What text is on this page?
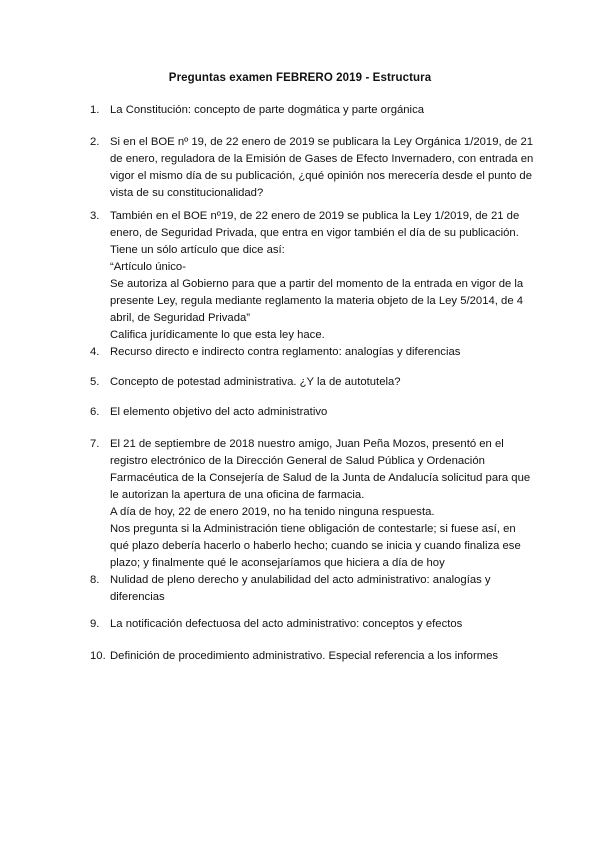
Preguntas examen FEBRERO 2019 - Estructura
1. La Constitución: concepto de parte dogmática y parte orgánica
2. Si en el BOE nº 19, de 22 enero de 2019 se publicara la Ley Orgánica 1/2019, de 21
de enero, reguladora de la Emisión de Gases de Efecto Invernadero, con entrada en
vigor el mismo día de su publicación, ¿qué opinión nos merecería desde el punto de
vista de su constitucionalidad?
3. También en el BOE nº19, de 22 enero de 2019 se publica la Ley 1/2019, de 21 de
enero, de Seguridad Privada, que entra en vigor también el día de su publicación.
Tiene un sólo artículo que dice así:
“Artículo único-
Se autoriza al Gobierno para que a partir del momento de la entrada en vigor de la
presente Ley, regula mediante reglamento la materia objeto de la Ley 5/2014, de 4
abril, de Seguridad Privada”
Califica jurídicamente lo que esta ley hace.
4. Recurso directo e indirecto contra reglamento: analogías y diferencias
5. Concepto de potestad administrativa. ¿Y la de autotutela?
6. El elemento objetivo del acto administrativo
7. El 21 de septiembre de 2018 nuestro amigo, Juan Peña Mozos, presentó en el
registro electrónico de la Dirección General de Salud Pública y Ordenación
Farmacéutica de la Consejería de Salud de la Junta de Andalucía solicitud para que
le autorizan la apertura de una oficina de farmacia.
A día de hoy, 22 de enero 2019, no ha tenido ninguna respuesta.
Nos pregunta si la Administración tiene obligación de contestarle; si fuese así, en
qué plazo debería hacerlo o haberlo hecho; cuando se inicia y cuando finaliza ese
plazo; y finalmente qué le aconsejaríamos que hiciera a día de hoy
8. Nulidad de pleno derecho y anulabilidad del acto administrativo: analogías y
diferencias
9. La notificación defectuosa del acto administrativo: conceptos y efectos
10. Definición de procedimiento administrativo. Especial referencia a los informes
